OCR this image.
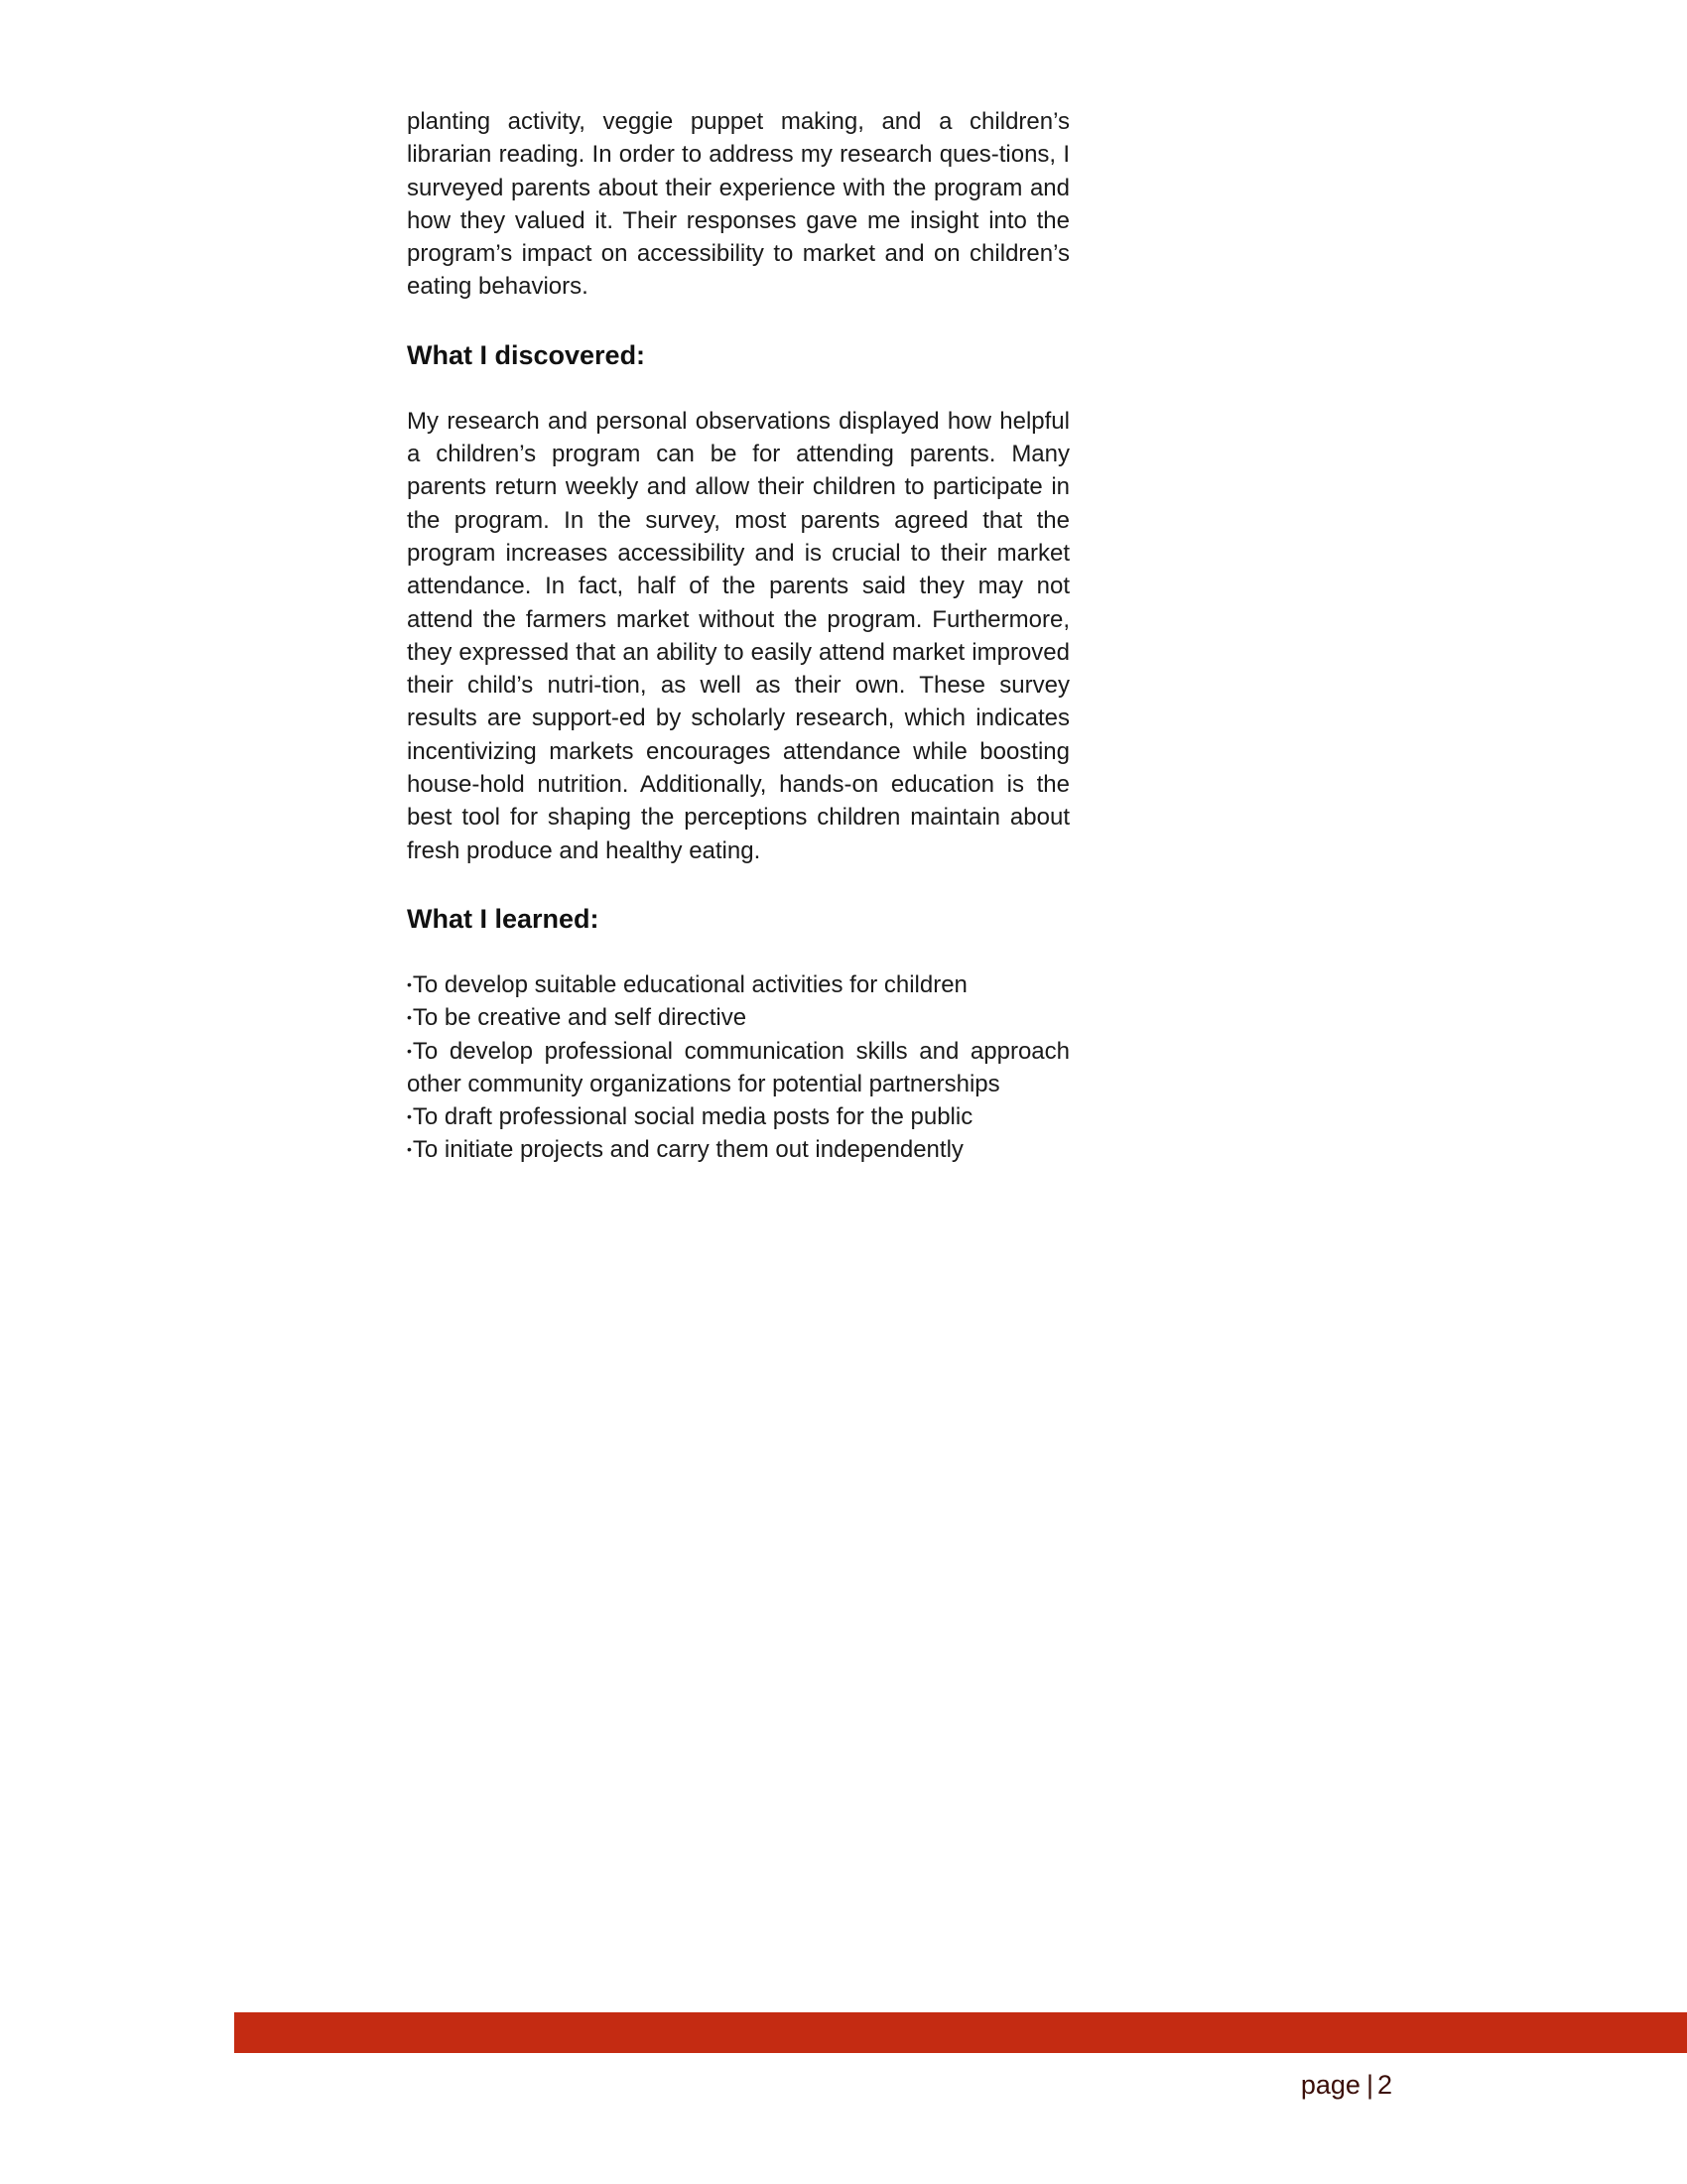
planting activity, veggie puppet making, and a children’s librarian reading. In order to address my research ques-tions, I surveyed parents about their experience with the program and how they valued it. Their responses gave me insight into the program’s impact on accessibility to market and on children’s eating behaviors.

What I discovered:

My research and personal observations displayed how helpful a children’s program can be for attending parents. Many parents return weekly and allow their children to participate in the program. In the survey, most parents agreed that the program increases accessibility and is crucial to their market attendance. In fact, half of the parents said they may not attend the farmers market without the program. Furthermore, they expressed that an ability to easily attend market improved their child’s nutri-tion, as well as their own. These survey results are support-ed by scholarly research, which indicates incentivizing markets encourages attendance while boosting house-hold nutrition. Additionally, hands-on education is the best tool for shaping the perceptions children maintain about fresh produce and healthy eating.

What I learned:
•To develop suitable educational activities for children
•To be creative and self directive
•To develop professional communication skills and approach other community organizations for potential partnerships
•To draft professional social media posts for the public
•To initiate projects and carry them out independently
page | 2
